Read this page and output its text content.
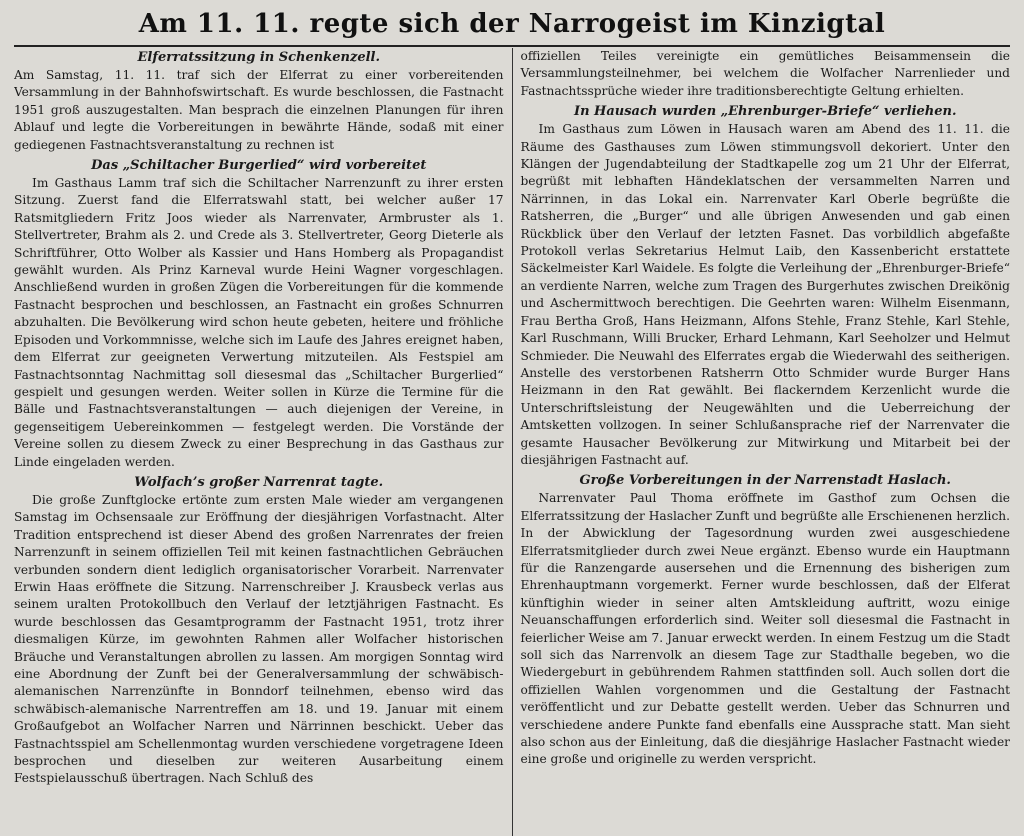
Am 11. 11. regte sich der Narrogeist im Kinzigtal
Elferratssitzung in Schenkenzell.

Am Samstag, 11. 11. traf sich der Elferrat zu einer vorbereitenden Versammlung in der Bahnhofswirtschaft. Es wurde beschlossen, die Fastnacht 1951 groß auszugestalten. Man besprach die einzelnen Planungen für ihren Ablauf und legte die Vorbereitungen in bewährte Hände, sodaß mit einer gediegenen Fastnachtsveranstaltung zu rechnen ist

Das „Schiltacher Burgerlied“ wird vorbereitet

Im Gasthaus Lamm traf sich die Schiltacher Narrenzunft zu ihrer ersten Sitzung. Zuerst fand die Elferratswahl statt, bei welcher außer 17 Ratsmitgliedern Fritz Joos wieder als Narrenvater, Armbruster als 1. Stellvertreter, Brahm als 2. und Crede als 3. Stellvertreter, Georg Dieterle als Schriftführer, Otto Wolber als Kassier und Hans Homberg als Propagandist gewählt wurden. Als Prinz Karneval wurde Heini Wagner vorgeschlagen. Anschließend wurden in großen Zügen die Vorbereitungen für die kommende Fastnacht besprochen und beschlossen, an Fastnacht ein großes Schnurren abzuhalten. Die Bevölkerung wird schon heute gebeten, heitere und fröhliche Episoden und Vorkommnisse, welche sich im Laufe des Jahres ereignet haben, dem Elferrat zur geeigneten Verwertung mitzuteilen. Als Festspiel am Fastnachtsonntag Nachmittag soll diesesmal das „Schiltacher Burgerlied“ gespielt und gesungen werden. Weiter sollen in Kürze die Termine für die Bälle und Fastnachtsveranstaltungen — auch diejenigen der Vereine, in gegenseitigem Uebereinkommen — festgelegt werden. Die Vorstände der Vereine sollen zu diesem Zweck zu einer Besprechung in das Gasthaus zur Linde eingeladen werden.

Wolfach’s großer Narrenrat tagte.

Die große Zunftglocke ertönte zum ersten Male wieder am vergangenen Samstag im Ochsensaale zur Eröffnung der diesjährigen Vorfastnacht. Alter Tradition entsprechend ist dieser Abend des großen Narrenrates der freien Narrenzunft in seinem offiziellen Teil mit keinen fastnachtlichen Gebräuchen verbunden sondern dient lediglich organisatorischer Vorarbeit. Narrenvater Erwin Haas eröffnete die Sitzung. Narrenschreiber J. Krausbeck verlas aus seinem uralten Protokollbuch den Verlauf der letztjährigen Fastnacht. Es wurde beschlossen das Gesamtprogramm der Fastnacht 1951, trotz ihrer diesmaligen Kürze, im gewohnten Rahmen aller Wolfacher historischen Bräuche und Veranstaltungen abrollen zu lassen. Am morgigen Sonntag wird eine Abordnung der Zunft bei der Generalversammlung der schwäbisch-alemanischen Narrenzünfte in Bonndorf teilnehmen, ebenso wird das schwäbisch-alemanische Narrentreffen am 18. und 19. Januar mit einem Großaufgebot an Wolfacher Narren und Närrinnen beschickt. Ueber das Fastnachtsspiel am Schellenmontag wurden verschiedene vorgetragene Ideen besprochen und dieselben zur weiteren Ausarbeitung einem Festspielausschuß übertragen. Nach Schluß des

offiziellen Teiles vereinigte ein gemütliches Beisammensein die Versammlungsteilnehmer, bei welchem die Wolfacher Narrenlieder und Fastnachtssprüche wieder ihre traditionsberechtigte Geltung erhielten.

In Hausach wurden „Ehrenburger-Briefe“ verliehen.

Im Gasthaus zum Löwen in Hausach waren am Abend des 11. 11. die Räume des Gasthauses zum Löwen stimmungsvoll dekoriert. Unter den Klängen der Jugendabteilung der Stadtkapelle zog um 21 Uhr der Elferrat, begrüßt mit lebhaften Händeklatschen der versammelten Narren und Närrinnen, in das Lokal ein. Narrenvater Karl Oberle begrüßte die Ratsherren, die „Burger“ und alle übrigen Anwesenden und gab einen Rückblick über den Verlauf der letzten Fasnet. Das vorbildlich abgefaßte Protokoll verlas Sekretarius Helmut Laib, den Kassenbericht erstattete Säckelmeister Karl Waidele. Es folgte die Verleihung der „Ehrenburger-Briefe“ an verdiente Narren, welche zum Tragen des Burgerhutes zwischen Dreikönig und Aschermittwoch berechtigen. Die Geehrten waren: Wilhelm Eisenmann, Frau Bertha Groß, Hans Heizmann, Alfons Stehle, Franz Stehle, Karl Stehle, Karl Ruschmann, Willi Brucker, Erhard Lehmann, Karl Seeholzer und Helmut Schmieder. Die Neuwahl des Elferrates ergab die Wiederwahl des seitherigen. Anstelle des verstorbenen Ratsherrn Otto Schmider wurde Burger Hans Heizmann in den Rat gewählt. Bei flackerndem Kerzenlicht wurde die Unterschriftsleistung der Neugewählten und die Ueberreichung der Amtsketten vollzogen. In seiner Schlußansprache rief der Narrenvater die gesamte Hausacher Bevölkerung zur Mitwirkung und Mitarbeit bei der diesjährigen Fastnacht auf.

Große Vorbereitungen in der Narrenstadt Haslach.

Narrenvater Paul Thoma eröffnete im Gasthof zum Ochsen die Elferratssitzung der Haslacher Zunft und begrüßte alle Erschienenen herzlich. In der Abwicklung der Tagesordnung wurden zwei ausgeschiedene Elferratsmitglieder durch zwei Neue ergänzt. Ebenso wurde ein Hauptmann für die Ranzengarde ausersehen und die Ernennung des bisherigen zum Ehrenhauptmann vorgemerkt. Ferner wurde beschlossen, daß der Elferat künftighin wieder in seiner alten Amtskleidung auftritt, wozu einige Neuanschaffungen erforderlich sind. Weiter soll diesesmal die Fastnacht in feierlicher Weise am 7. Januar erweckt werden. In einem Festzug um die Stadt soll sich das Narrenvolk an diesem Tage zur Stadthalle begeben, wo die Wiedergeburt in gebührendem Rahmen stattfinden soll. Auch sollen dort die offiziellen Wahlen vorgenommen und die Gestaltung der Fastnacht veröffentlicht und zur Debatte gestellt werden. Ueber das Schnurren und verschiedene andere Punkte fand ebenfalls eine Aussprache statt. Man sieht also schon aus der Einleitung, daß die diesjährige Haslacher Fastnacht wieder eine große und originelle zu werden verspricht.
